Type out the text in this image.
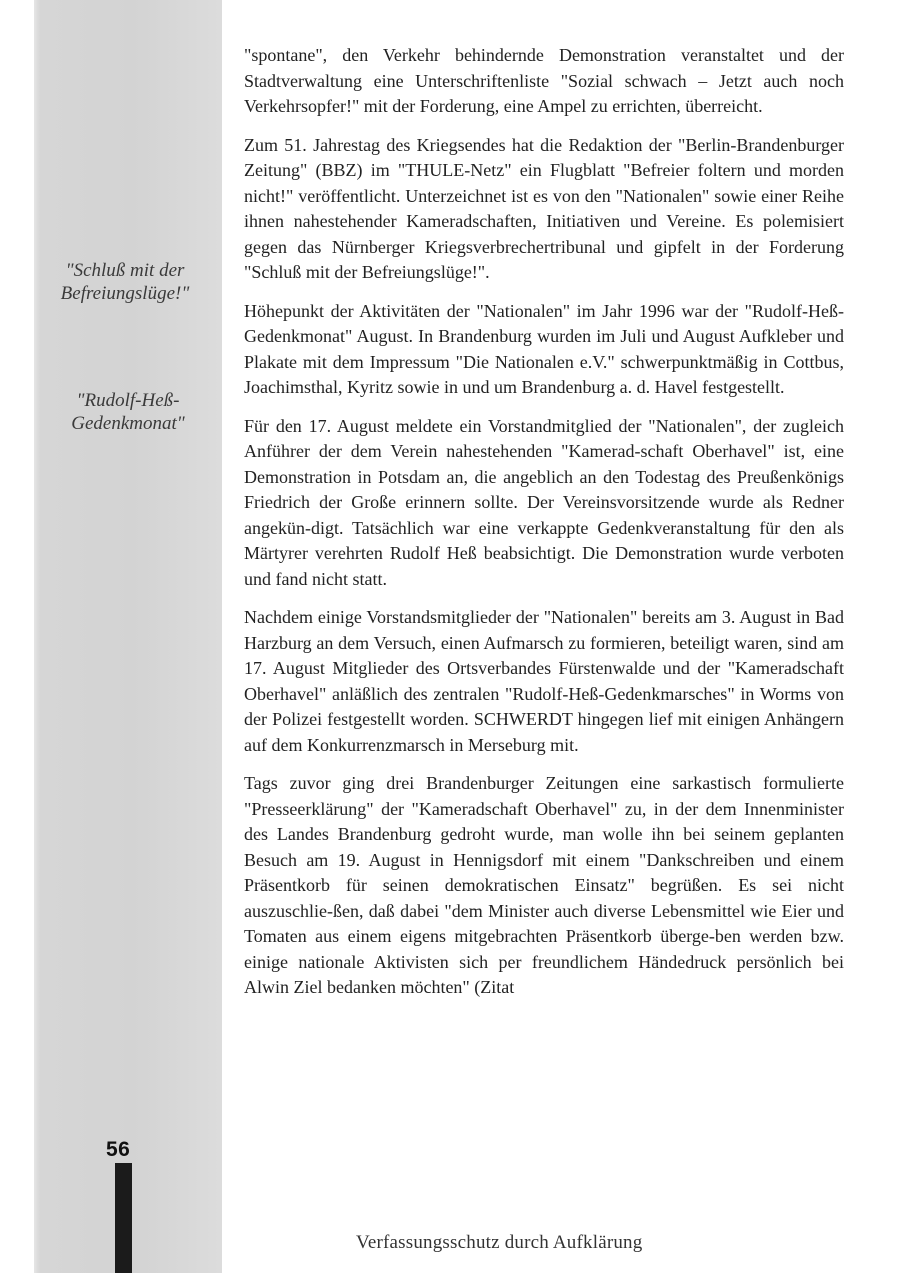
"Schluß mit der Befreiungslüge!"
"Rudolf-Heß-Gedenkmonat"
56

"spontane", den Verkehr behindernde Demonstration veranstaltet und der Stadtverwaltung eine Unterschriftenliste "Sozial schwach – Jetzt auch noch Verkehrsopfer!" mit der Forderung, eine Ampel zu errichten, überreicht.

Zum 51. Jahrestag des Kriegsendes hat die Redaktion der "Berlin-Brandenburger Zeitung" (BBZ) im "THULE-Netz" ein Flugblatt "Befreier foltern und morden nicht!" veröffentlicht. Unterzeichnet ist es von den "Nationalen" sowie einer Reihe ihnen nahestehender Kameradschaften, Initiativen und Vereine. Es polemisiert gegen das Nürnberger Kriegsverbrechertribunal und gipfelt in der Forderung "Schluß mit der Befreiungslüge!".

Höhepunkt der Aktivitäten der "Nationalen" im Jahr 1996 war der "Rudolf-Heß-Gedenkmonat" August. In Brandenburg wurden im Juli und August Aufkleber und Plakate mit dem Impressum "Die Nationalen e.V." schwerpunktmäßig in Cottbus, Joachimsthal, Kyritz sowie in und um Brandenburg a. d. Havel festgestellt.

Für den 17. August meldete ein Vorstandmitglied der "Nationalen", der zugleich Anführer der dem Verein nahestehenden "Kamerad-schaft Oberhavel" ist, eine Demonstration in Potsdam an, die angeblich an den Todestag des Preußenkönigs Friedrich der Große erinnern sollte. Der Vereinsvorsitzende wurde als Redner angekün-digt. Tatsächlich war eine verkappte Gedenkveranstaltung für den als Märtyrer verehrten Rudolf Heß beabsichtigt. Die Demonstration wurde verboten und fand nicht statt.

Nachdem einige Vorstandsmitglieder der "Nationalen" bereits am 3. August in Bad Harzburg an dem Versuch, einen Aufmarsch zu formieren, beteiligt waren, sind am 17. August Mitglieder des Ortsverbandes Fürstenwalde und der "Kameradschaft Oberhavel" anläßlich des zentralen "Rudolf-Heß-Gedenkmarsches" in Worms von der Polizei festgestellt worden. SCHWERDT hingegen lief mit einigen Anhängern auf dem Konkurrenzmarsch in Merseburg mit.

Tags zuvor ging drei Brandenburger Zeitungen eine sarkastisch formulierte "Presseerklärung" der "Kameradschaft Oberhavel" zu, in der dem Innenminister des Landes Brandenburg gedroht wurde, man wolle ihn bei seinem geplanten Besuch am 19. August in Hennigsdorf mit einem "Dankschreiben und einem Präsentkorb für seinen demokratischen Einsatz" begrüßen. Es sei nicht auszuschlie-ßen, daß dabei "dem Minister auch diverse Lebensmittel wie Eier und Tomaten aus einem eigens mitgebrachten Präsentkorb überge-ben werden bzw. einige nationale Aktivisten sich per freundlichem Händedruck persönlich bei Alwin Ziel bedanken möchten" (Zitat

Verfassungsschutz durch Aufklärung
